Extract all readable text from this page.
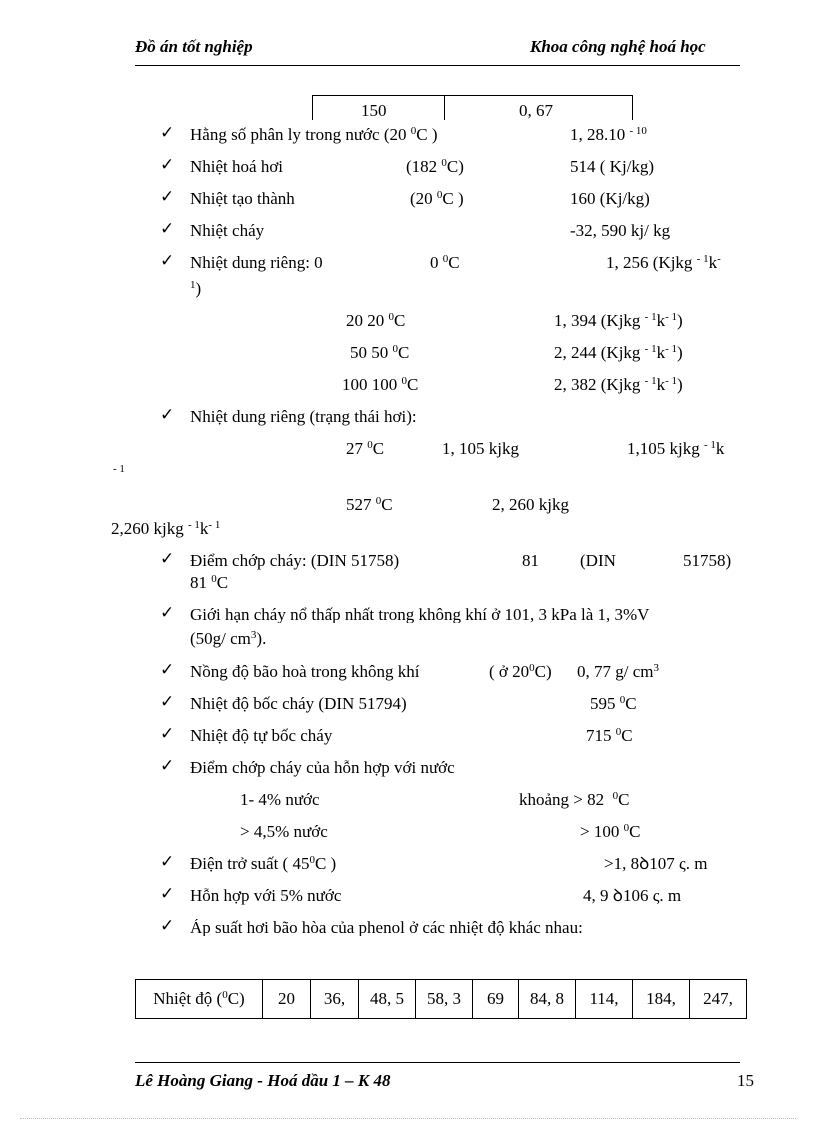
Đồ án tốt nghiệp	Khoa công nghệ hoá học
150	0, 67
✓ Hằng số phân ly trong nước (20 $^0$C )	1, 28.10 $^{- 10}$
✓ Nhiệt hoá hơi	(182 $^0$C)	514 ( Kj/kg)
✓ Nhiệt tạo thành	(20 $^0$C )	160 (Kj/kg)
✓ Nhiệt cháy	-32, 590 kj/ kg
✓ Nhiệt dung riêng: 0	0 $^0$C	1, 256 (Kjkg $^{- 1}$k-
$^1$)
20 20 $^0$C	1, 394 (Kjkg $^{- 1}k^{- 1}$)
50 50 $^0$C	2, 244 (Kjkg $^{- 1}k^{- 1}$)
100 100 $^0$C	2, 382 (Kjkg $^{- 1}k^{- 1}$)
✓ Nhiệt dung riêng (trạng thái hơi):
27 $^0$C	1, 105 kjkg	1,105 kjkg $^{- 1}$k
- 1
527 $^0$C	2, 260 kjkg
2,260 kjkg $^{- 1}k^{- 1}$
✓ Điểm chớp cháy: (DIN 51758)	81 (DIN	51758)
81 $^0$C
✓ Giới hạn cháy nổ thấp nhất trong không khí ở 101, 3 kPa là 1, 3%V
(50g/ $cm^3$).
✓ Nồng độ bão hoà trong không khí	( ở $20^0C$) 0, 77 g/ $cm^3$
✓ Nhiệt độ bốc cháy (DIN 51794)	595 $^0$C
✓ Nhiệt độ tự bốc cháy	715 $^0$C
✓ Điểm chớp cháy của hỗn hợp với nước
1- 4% nước	khoảng > 82 $^0$C
> 4,5% nước	> 100 $^0$C
✓ Điện trở suất ( $45^0C$ )	>1, 8ꝺ107 ς. m
✓ Hỗn hợp với 5% nước	4, 9 ꝺ106 ς. m
✓ Áp suất hơi bão hòa của phenol ở các nhiệt độ khác nhau:
Nhiệt độ ($^0$C)	20	36,	48, 5	58, 3	69	84, 8	114,	184,	247,
Lê Hoàng Giang - Hoá dầu 1 – K 48	15
